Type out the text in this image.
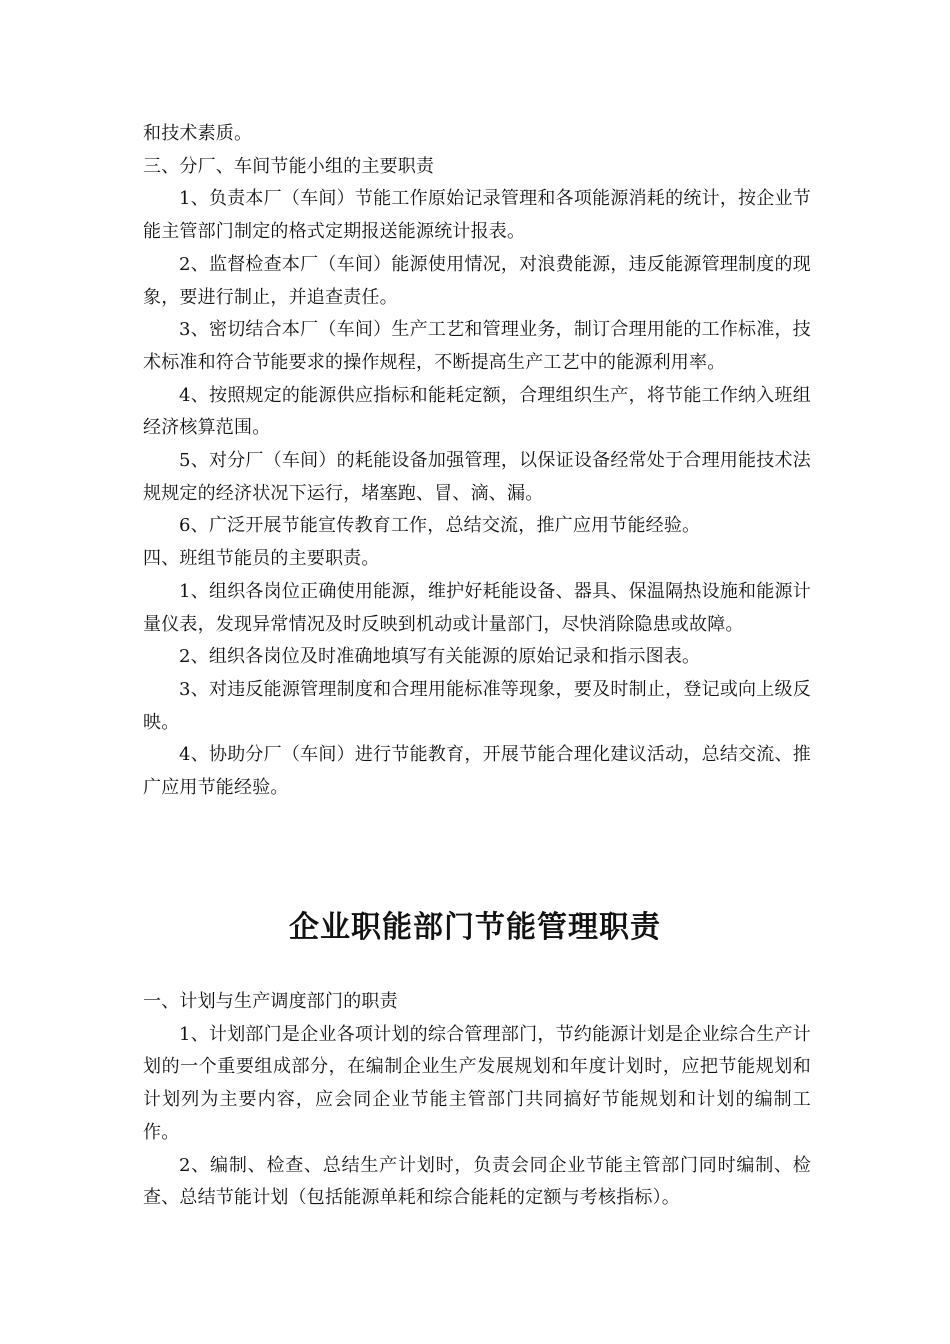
和技术素质。

三、分厂、车间节能小组的主要职责

1、负责本厂（车间）节能工作原始记录管理和各项能源消耗的统计，按企业节能主管部门制定的格式定期报送能源统计报表。

2、监督检查本厂（车间）能源使用情况，对浪费能源，违反能源管理制度的现象，要进行制止，并追查责任。

3、密切结合本厂（车间）生产工艺和管理业务，制订合理用能的工作标准，技术标准和符合节能要求的操作规程，不断提高生产工艺中的能源利用率。

4、按照规定的能源供应指标和能耗定额，合理组织生产，将节能工作纳入班组经济核算范围。

5、对分厂（车间）的耗能设备加强管理，以保证设备经常处于合理用能技术法规规定的经济状况下运行，堵塞跑、冒、滴、漏。

6、广泛开展节能宣传教育工作，总结交流，推广应用节能经验。

四、班组节能员的主要职责。

1、组织各岗位正确使用能源，维护好耗能设备、器具、保温隔热设施和能源计量仪表，发现异常情况及时反映到机动或计量部门，尽快消除隐患或故障。

2、组织各岗位及时准确地填写有关能源的原始记录和指示图表。

3、对违反能源管理制度和合理用能标准等现象，要及时制止，登记或向上级反映。

4、协助分厂（车间）进行节能教育，开展节能合理化建议活动，总结交流、推广应用节能经验。

企业职能部门节能管理职责

一、计划与生产调度部门的职责

1、计划部门是企业各项计划的综合管理部门，节约能源计划是企业综合生产计划的一个重要组成部分，在编制企业生产发展规划和年度计划时，应把节能规划和计划列为主要内容，应会同企业节能主管部门共同搞好节能规划和计划的编制工作。

2、编制、检查、总结生产计划时，负责会同企业节能主管部门同时编制、检查、总结节能计划（包括能源单耗和综合能耗的定额与考核指标）。
